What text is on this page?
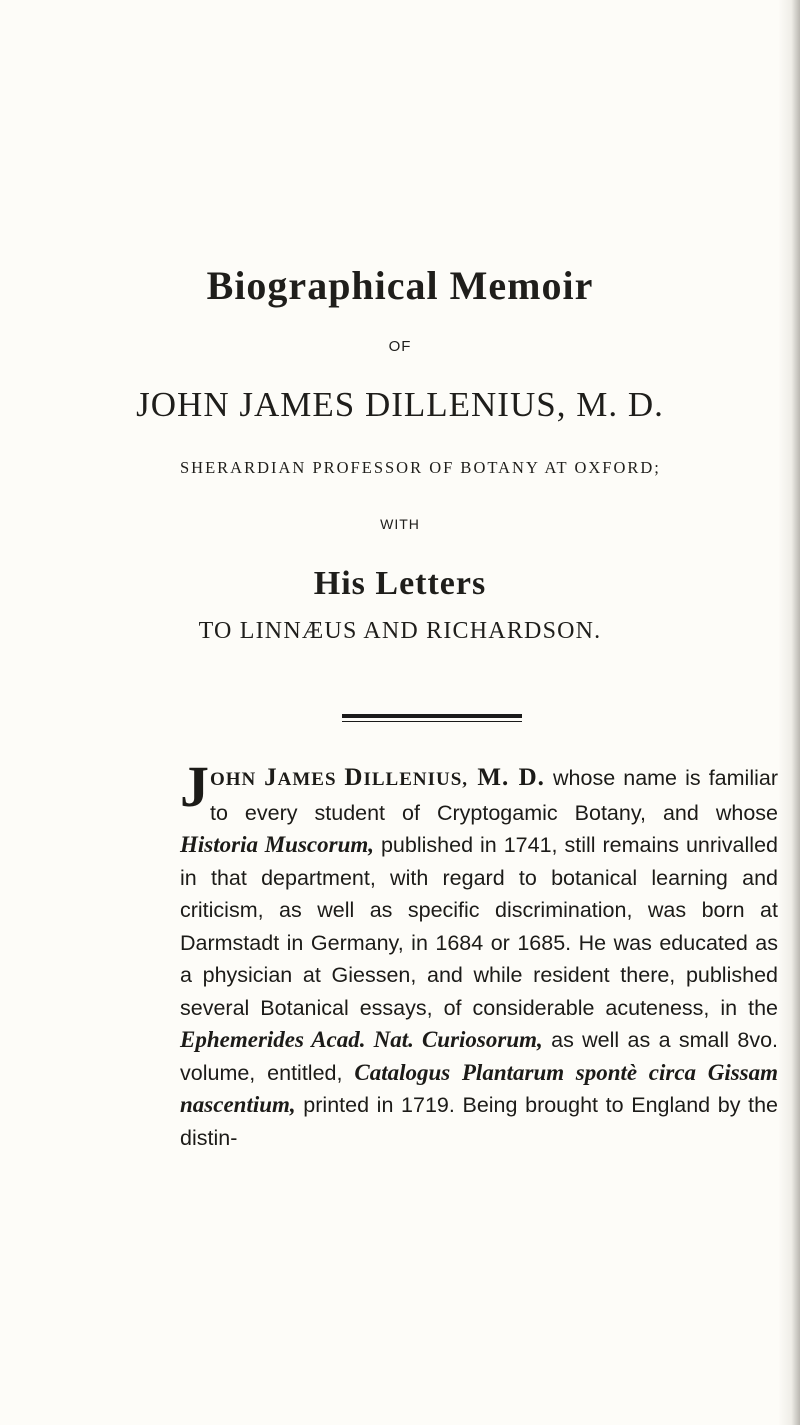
Biographical Memoir
OF
JOHN JAMES DILLENIUS, M. D.
SHERARDIAN PROFESSOR OF BOTANY AT OXFORD;
WITH
His Letters
TO LINNÆUS AND RICHARDSON.
J OHN JAMES DILLENIUS, M. D. whose name is familiar to every student of Cryptogamic Botany, and whose Historia Muscorum, published in 1741, still remains unrivalled in that department, with regard to botanical learning and criticism, as well as specific discrimination, was born at Darmstadt in Germany, in 1684 or 1685. He was educated as a physician at Giessen, and while resident there, published several Botanical essays, of considerable acuteness, in the Ephemerides Acad. Nat. Curiosorum, as well as a small 8vo. volume, entitled, Catalogus Plantarum spontè circa Gissam nascentium, printed in 1719. Being brought to England by the distin-
